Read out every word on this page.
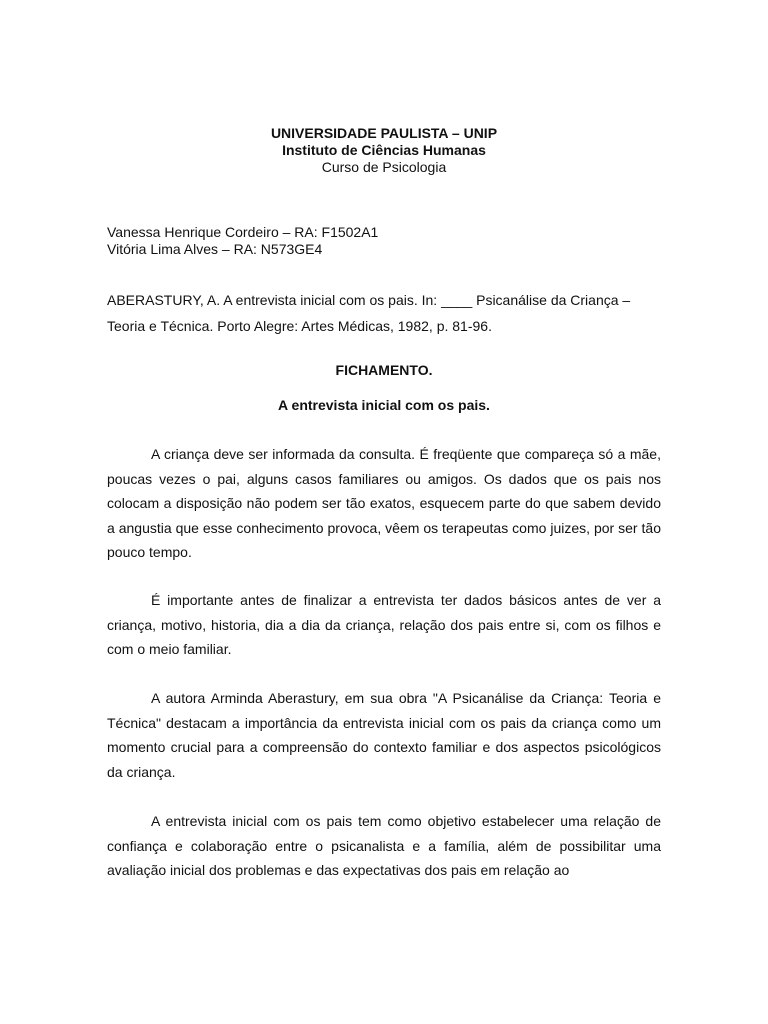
UNIVERSIDADE PAULISTA – UNIP
Instituto de Ciências Humanas
Curso de Psicologia
Vanessa Henrique Cordeiro – RA: F1502A1
Vitória Lima Alves – RA: N573GE4
ABERASTURY, A. A entrevista inicial com os pais. In: ____ Psicanálise da Criança – Teoria e Técnica. Porto Alegre: Artes Médicas, 1982, p. 81-96.
FICHAMENTO.
A entrevista inicial com os pais.
A criança deve ser informada da consulta. É freqüente que compareça só a mãe, poucas vezes o pai, alguns casos familiares ou amigos. Os dados que os pais nos colocam a disposição não podem ser tão exatos, esquecem parte do que sabem devido a angustia que esse conhecimento provoca, vêem os terapeutas como juizes, por ser tão pouco tempo.
É importante antes de finalizar a entrevista ter dados básicos antes de ver a criança, motivo, historia, dia a dia da criança, relação dos pais entre si, com os filhos e com o meio familiar.
A autora Arminda Aberastury, em sua obra "A Psicanálise da Criança: Teoria e Técnica" destacam a importância da entrevista inicial com os pais da criança como um momento crucial para a compreensão do contexto familiar e dos aspectos psicológicos da criança.
A entrevista inicial com os pais tem como objetivo estabelecer uma relação de confiança e colaboração entre o psicanalista e a família, além de possibilitar uma avaliação inicial dos problemas e das expectativas dos pais em relação ao
